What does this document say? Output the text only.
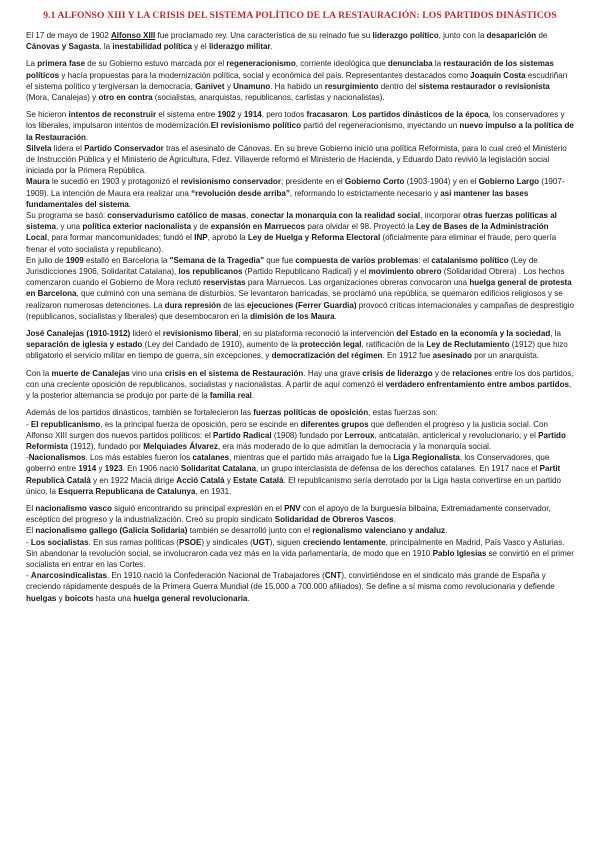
9.1 ALFONSO XIII Y LA CRISIS DEL SISTEMA POLÍTICO DE LA RESTAURACIÓN: LOS PARTIDOS DINÁSTICOS

El 17 de mayo de 1902 Alfonso XIII fue proclamado rey. Una característica de su reinado fue su liderazgo político, junto con la desaparición de Cánovas y Sagasta, la inestabilidad política y el liderazgo militar.

La primera fase de su Gobierno estuvo marcada por el regeneracionismo, corriente ideológica que denunciaba la restauración de los sistemas políticos y hacía propuestas para la modernización política, social y económica del país. Representantes destacados como Joaquín Costa escudriñan el sistema político y tergiversan la democracia, Ganivet y Unamuno. Ha habido un resurgimiento dentro del sistema restaurador o revisionista (Mora, Canalejas) y otro en contra (socialistas, anarquistas, republicanos, carlistas y nacionalistas).

Se hicieron intentos de reconstruir el sistema entre 1902 y 1914, pero todos fracasaron. Los partidos dinásticos de la época, los conservadores y los liberales, impulsaron intentos de modernización.El revisionismo político partió del regeneracionismo, inyectando un nuevo impulso a la política de la Restauración.
Silvela lidera el Partido Conservador tras el asesinato de Cánovas. En su breve Gobierno inició una política Reformista, para lo cual creó el Ministerio de Instrucción Pública y el Ministerio de Agricultura, Fdez. Villaverde reformó el Ministerio de Hacienda, y Eduardo Dato revivió la legislación social iniciada por la Primera República.
Maura le sucedió en 1903 y protagonizó el revisionismo conservador; presidente en el Gobierno Corto (1903-1904) y en el Gobierno Largo (1907-1909). La intención de Maura era realizar una “revolución desde arriba”, reformando lo estrictamente necesario y así mantener las bases fundamentales del sistema.
Su programa se basó: conservadurismo católico de masas, conectar la monarquía con la realidad social, incorporar otras fuerzas políticas al sistema, y una política exterior nacionalista y de expansión en Marruecos para olvidar el 98. Proyectó la Ley de Bases de la Administración Local, para formar mancomunidades; fundó el INP, aprobó la Ley de Huelga y Reforma Electoral (oficialmente para eliminar el fraude, pero quería frenar el voto socialista y republicano).
En julio de 1909 estalló en Barcelona la "Semana de la Tragedia" que fue compuesta de varios problemas: el catalanismo político (Ley de Jurisdicciones 1906, Solidaritat Catalana), los republicanos (Partido Republicano Radical) y el movimiento obrero (Solidaridad Obrera) . Los hechos comenzaron cuando el Gobierno de Mora reclutó reservistas para Marruecos. Las organizaciones obreras convocaron una huelga general de protesta en Barcelona, que culminó con una semana de disturbios. Se levantaron barricadas, se proclamó una república, se quemaron edificios religiosos y se realizaron numerosas detenciones. La dura represión de las ejecuciones (Ferrer Guardia) provocó críticas internacionales y campañas de desprestigio (republicanos, socialistas y liberales) que desembocaron en la dimisión de los Maura.

José Canalejas (1910-1912) lideró el revisionismo liberal, en su plataforma reconoció la intervención del Estado en la economía y la sociedad, la separación de iglesia y estado (Ley del Candado de 1910), aumento de la protección legal, ratificación de la Ley de Reclutamiento (1912) que hizo obligatorio el servicio militar en tiempo de guerra, sin excepciones, y democratización del régimen. En 1912 fue asesinado por un anarquista.

Con la muerte de Canalejas vino una crisis en el sistema de Restauración. Hay una grave crisis de liderazgo y de relaciones entre los dos partidos, con una creciente oposición de republicanos, socialistas y nacionalistas. A partir de aquí comenzó el verdadero enfrentamiento entre ambos partidos, y la posterior alternancia se produjo por parte de la familia real.

Además de los partidos dinásticos, también se fortalecieron las fuerzas políticas de oposición, estas fuerzas son:
- El republicanismo, es la principal fuerza de oposición, pero se escinde en diferentes grupos que defienden el progreso y la justicia social. Con Alfonso XIII surgen dos nuevos partidos políticos: el Partido Radical (1908) fundado por Lerroux, anticatalán, anticlerical y revolucionario; y el Partido Reformista (1912), fundado por Melquiades Álvarez, era más moderado de lo que admitían la democracia y la monarquía social.
-Nacionalismos. Los más estables fueron los catalanes, mientras que el partido más arraigado fue la Liga Regionalista, los Conservadores, que gobernó entre 1914 y 1923. En 1906 nació Solidaritat Catalana, un grupo interclasista de defensa de los derechos catalanes. En 1917 nace el Partit Republicà Català y en 1922 Maciá dirige Acció Català y Estate Català. El republicanismo sería derrotado por la Liga hasta convertirse en un partido único, la Esquerra Republicana de Catalunya, en 1931.

El nacionalismo vasco siguió encontrando su principal expresión en el PNV con el apoyo de la burguesía bilbaína, Extremadamente conservador, escéptico del progreso y la industrialización. Creó su propio sindicato Solidaridad de Obreros Vascos.
El nacionalismo gallego (Galicia Solidaria) también se desarrolló junto con el regionalismo valenciano y andaluz.
- Los socialistas. En sus ramas políticas (PSOE) y sindicales (UGT), siguen creciendo lentamente, principalmente en Madrid, País Vasco y Asturias. Sin abandonar la revolución social, se involucraron cada vez más en la vida parlamentaria, de modo que en 1910 Pablo Iglesias se convirtió en el primer socialista en entrar en las Cortes.
- Anarcosindicalistas. En 1910 nació la Confederación Nacional de Trabajadores (CNT), convirtiéndose en el sindicato más grande de España y creciendo rápidamente después de la Primera Guerra Mundial (de 15.000 a 700.000 afiliados). Se define a sí misma como revolucionaria y defiende huelgas y boicots hasta una huelga general revolucionaria.
